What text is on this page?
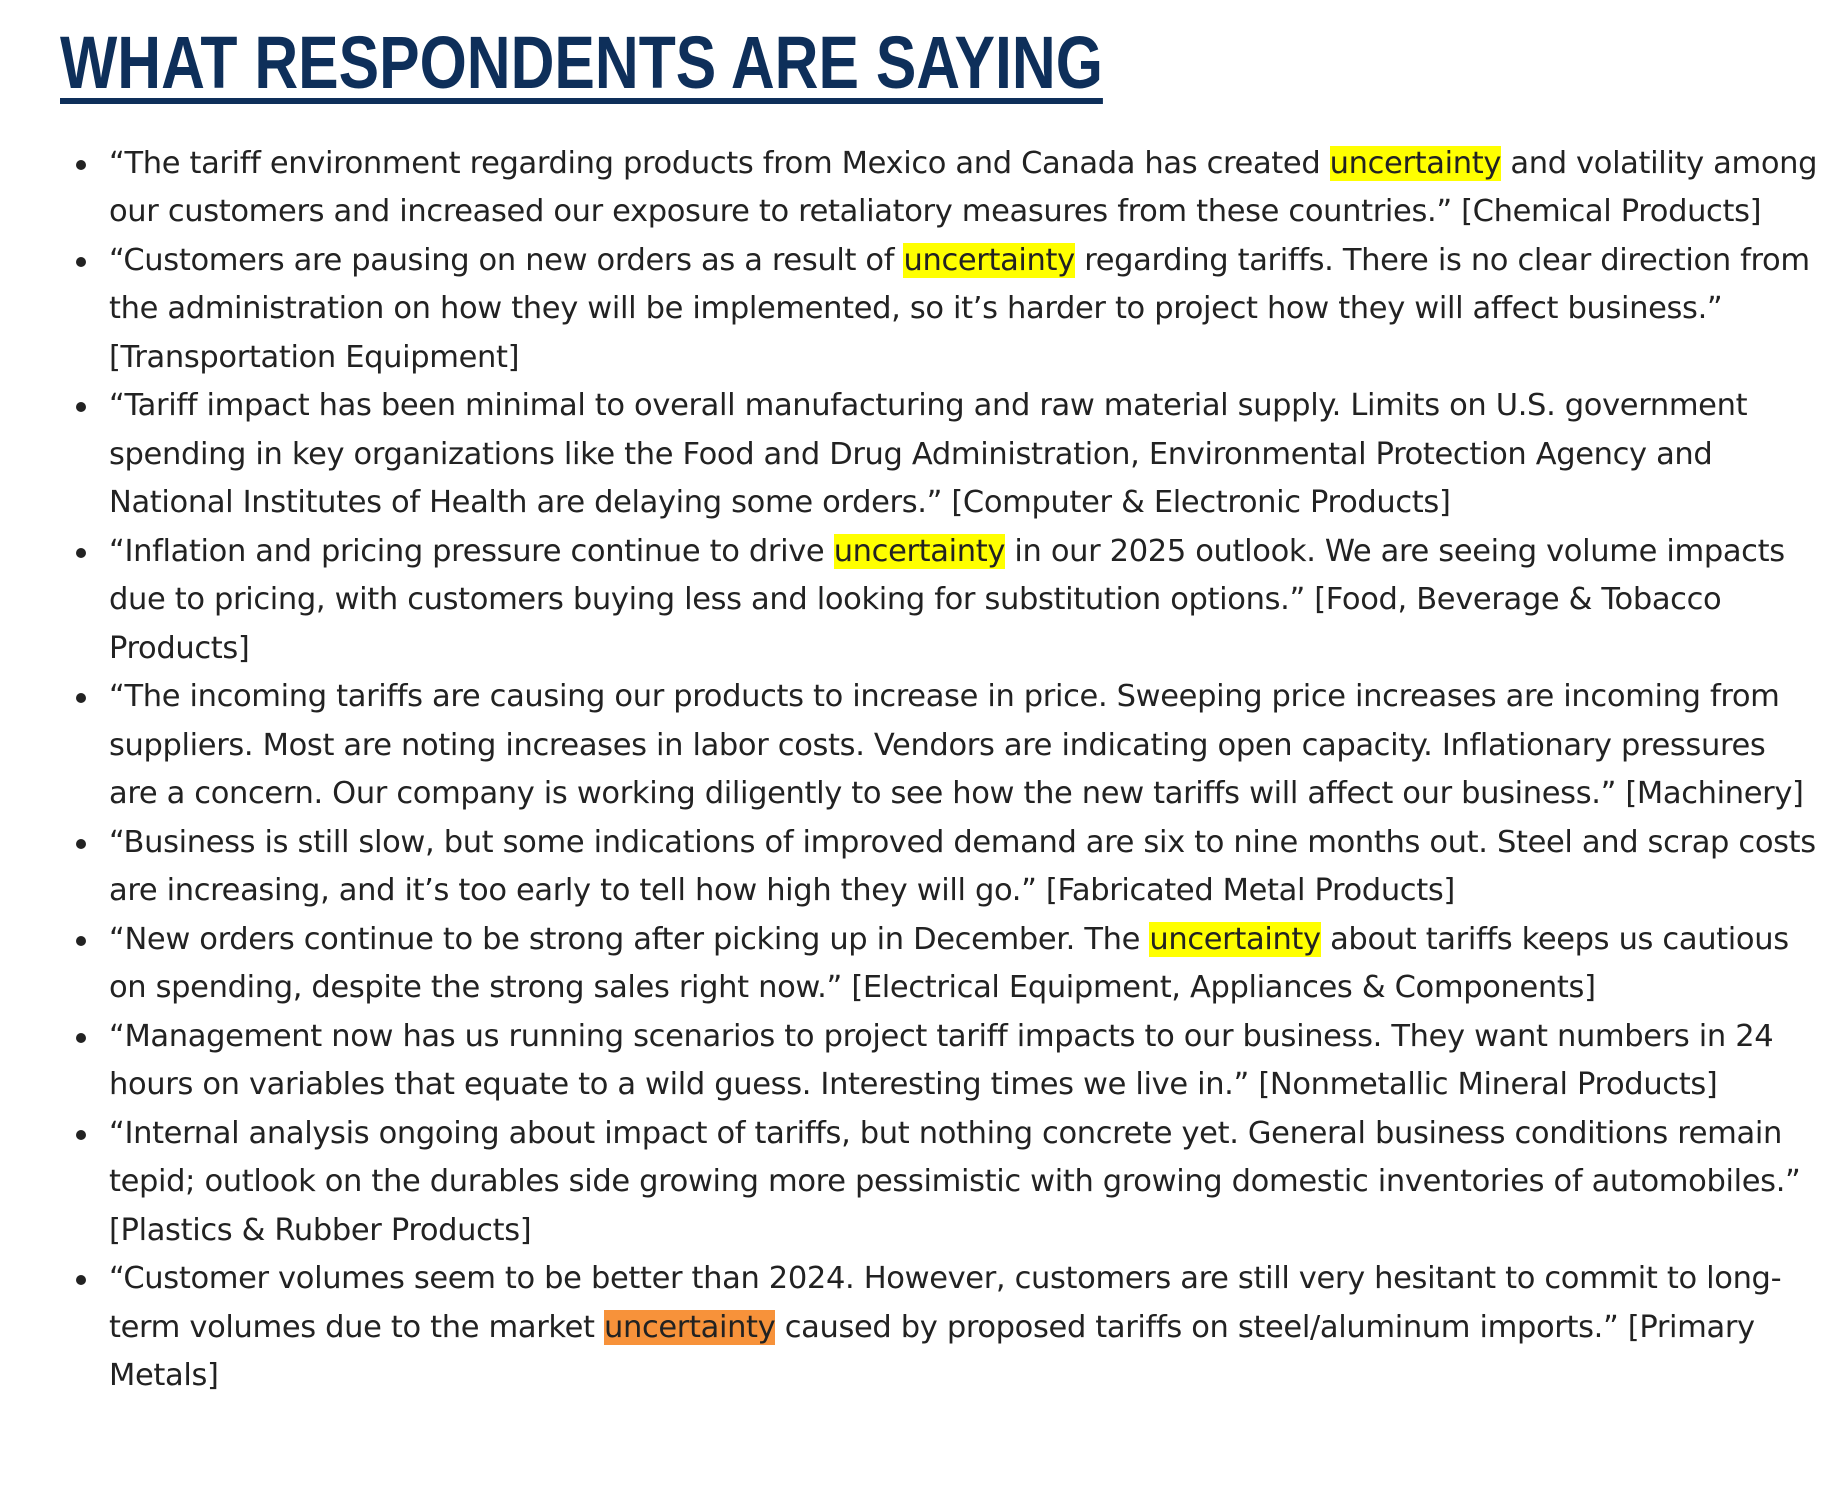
WHAT RESPONDENTS ARE SAYING
“The tariff environment regarding products from Mexico and Canada has created uncertainty and volatility among our customers and increased our exposure to retaliatory measures from these countries.” [Chemical Products]
“Customers are pausing on new orders as a result of uncertainty regarding tariffs. There is no clear direction from the administration on how they will be implemented, so it’s harder to project how they will affect business.” [Transportation Equipment]
“Tariff impact has been minimal to overall manufacturing and raw material supply. Limits on U.S. government spending in key organizations like the Food and Drug Administration, Environmental Protection Agency and National Institutes of Health are delaying some orders.” [Computer & Electronic Products]
“Inflation and pricing pressure continue to drive uncertainty in our 2025 outlook. We are seeing volume impacts due to pricing, with customers buying less and looking for substitution options.” [Food, Beverage & Tobacco Products]
“The incoming tariffs are causing our products to increase in price. Sweeping price increases are incoming from suppliers. Most are noting increases in labor costs. Vendors are indicating open capacity. Inflationary pressures are a concern. Our company is working diligently to see how the new tariffs will affect our business.” [Machinery]
“Business is still slow, but some indications of improved demand are six to nine months out. Steel and scrap costs are increasing, and it’s too early to tell how high they will go.” [Fabricated Metal Products]
“New orders continue to be strong after picking up in December. The uncertainty about tariffs keeps us cautious on spending, despite the strong sales right now.” [Electrical Equipment, Appliances & Components]
“Management now has us running scenarios to project tariff impacts to our business. They want numbers in 24 hours on variables that equate to a wild guess. Interesting times we live in.” [Nonmetallic Mineral Products]
“Internal analysis ongoing about impact of tariffs, but nothing concrete yet. General business conditions remain tepid; outlook on the durables side growing more pessimistic with growing domestic inventories of automobiles.” [Plastics & Rubber Products]
“Customer volumes seem to be better than 2024. However, customers are still very hesitant to commit to long-term volumes due to the market uncertainty caused by proposed tariffs on steel/aluminum imports.” [Primary Metals]
